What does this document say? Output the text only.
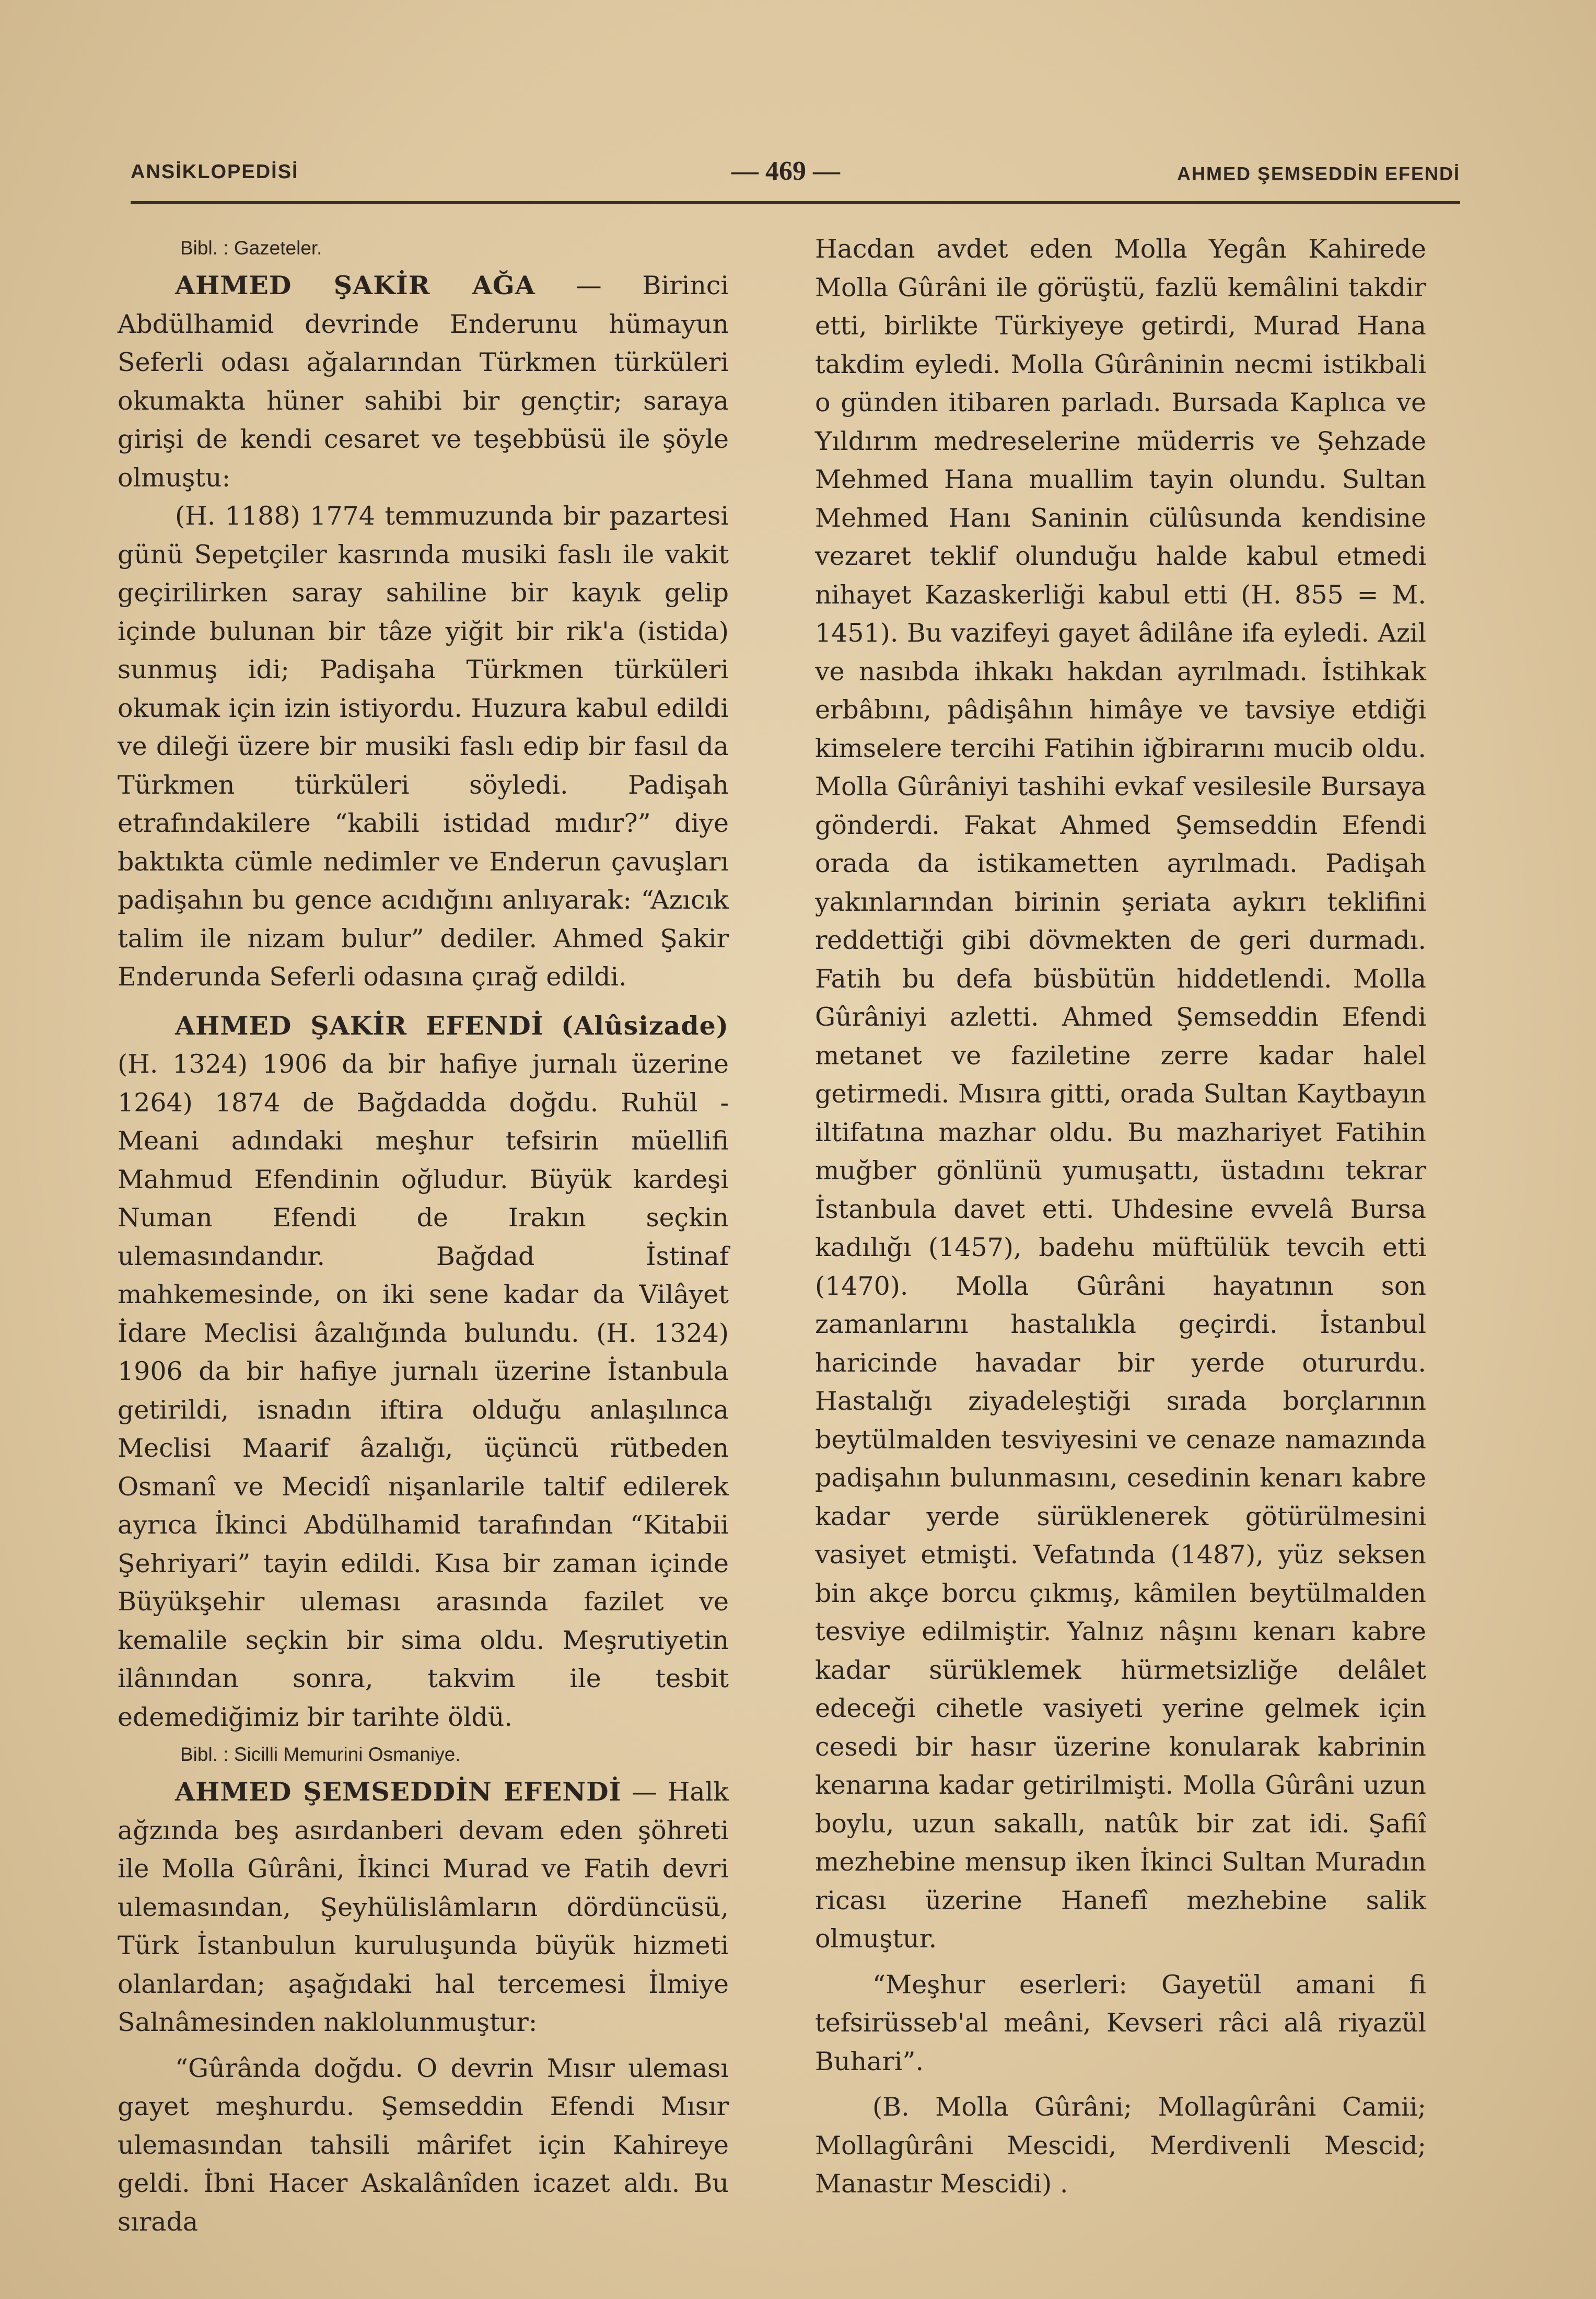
ANSİKLOPEDİSİ	— 469 —	AHMED ŞEMSEDDİN EFENDİ

Bibl. : Gazeteler.

AHMED ŞAKİR AĞA — Birinci Abdülhamid devrinde Enderunu hümayun Seferli odası ağalarından Türkmen türküleri okumakta hüner sahibi bir gençtir; saraya girişi de kendi cesaret ve teşebbüsü ile şöyle olmuştu:

(H. 1188) 1774 temmuzunda bir pazartesi günü Sepetçiler kasrında musiki faslı ile vakit geçirilirken saray sahiline bir kayık gelip içinde bulunan bir tâze yiğit bir rik'a (istida) sunmuş idi; Padişaha Türkmen türküleri okumak için izin istiyordu. Huzura kabul edildi ve dileği üzere bir musiki faslı edip bir fasıl da Türkmen türküleri söyledi. Padişah etrafındakilere “kabili istidad mıdır?” diye baktıkta cümle nedimler ve Enderun çavuşları padişahın bu gence acıdığını anlıyarak: “Azıcık talim ile nizam bulur” dediler. Ahmed Şakir Enderunda Seferli odasına çırağ edildi.

AHMED ŞAKİR EFENDİ (Alûsizade) (H. 1324) 1906 da bir hafiye jurnalı üzerine 1264) 1874 de Bağdadda doğdu. Ruhül - Meani adındaki meşhur tefsirin müellifi Mahmud Efendinin oğludur. Büyük kardeşi Numan Efendi de Irakın seçkin ulemasındandır. Bağdad İstinaf mahkemesinde, on iki sene kadar da Vilâyet İdare Meclisi âzalığında bulundu. (H. 1324) 1906 da bir hafiye jurnalı üzerine İstanbula getirildi, isnadın iftira olduğu anlaşılınca Meclisi Maarif âzalığı, üçüncü rütbeden Osmanî ve Mecidî nişanlarile taltif edilerek ayrıca İkinci Abdülhamid tarafından “Kitabii Şehriyari” tayin edildi. Kısa bir zaman içinde Büyükşehir uleması arasında fazilet ve kemalile seçkin bir sima oldu. Meşrutiyetin ilânından sonra, takvim ile tesbit edemediğimiz bir tarihte öldü.

Bibl. : Sicilli Memurini Osmaniye.

AHMED ŞEMSEDDİN EFENDİ — Halk ağzında beş asırdanberi devam eden şöhreti ile Molla Gûrâni, İkinci Murad ve Fatih devri ulemasından, Şeyhülislâmların dördüncüsü, Türk İstanbulun kuruluşunda büyük hizmeti olanlardan; aşağıdaki hal tercemesi İlmiye Salnâmesinden naklolunmuştur:

“Gûrânda doğdu. O devrin Mısır uleması gayet meşhurdu. Şemseddin Efendi Mısır ulemasından tahsili mârifet için Kahireye geldi. İbni Hacer Askalânîden icazet aldı. Bu sırada

Hacdan avdet eden Molla Yegân Kahirede Molla Gûrâni ile görüştü, fazlü kemâlini takdir etti, birlikte Türkiyeye getirdi, Murad Hana takdim eyledi. Molla Gûrâninin necmi istikbali o günden itibaren parladı. Bursada Kaplıca ve Yıldırım medreselerine müderris ve Şehzade Mehmed Hana muallim tayin olundu. Sultan Mehmed Hanı Saninin cülûsunda kendisine vezaret teklif olunduğu halde kabul etmedi nihayet Kazaskerliği kabul etti (H. 855 = M. 1451). Bu vazifeyi gayet âdilâne ifa eyledi. Azil ve nasıbda ihkakı hakdan ayrılmadı. İstihkak erbâbını, pâdişâhın himâye ve tavsiye etdiği kimselere tercihi Fatihin iğbirarını mucib oldu. Molla Gûrâniyi tashihi evkaf vesilesile Bursaya gönderdi. Fakat Ahmed Şemseddin Efendi orada da istikametten ayrılmadı. Padişah yakınlarından birinin şeriata aykırı teklifini reddettiği gibi dövmekten de geri durmadı. Fatih bu defa büsbütün hiddetlendi. Molla Gûrâniyi azletti. Ahmed Şemseddin Efendi metanet ve faziletine zerre kadar halel getirmedi. Mısıra gitti, orada Sultan Kaytbayın iltifatına mazhar oldu. Bu mazhariyet Fatihin muğber gönlünü yumuşattı, üstadını tekrar İstanbula davet etti. Uhdesine evvelâ Bursa kadılığı (1457), badehu müftülük tevcih etti (1470). Molla Gûrâni hayatının son zamanlarını hastalıkla geçirdi. İstanbul haricinde havadar bir yerde otururdu. Hastalığı ziyadeleştiği sırada borçlarının beytülmalden tesviyesini ve cenaze namazında padişahın bulunmasını, cesedinin kenarı kabre kadar yerde sürüklenerek götürülmesini vasiyet etmişti. Vefatında (1487), yüz seksen bin akçe borcu çıkmış, kâmilen beytülmalden tesviye edilmiştir. Yalnız nâşını kenarı kabre kadar sürüklemek hürmetsizliğe delâlet edeceği cihetle vasiyeti yerine gelmek için cesedi bir hasır üzerine konularak kabrinin kenarına kadar getirilmişti. Molla Gûrâni uzun boylu, uzun sakallı, natûk bir zat idi. Şafiî mezhebine mensup iken İkinci Sultan Muradın ricası üzerine Hanefî mezhebine salik olmuştur.

“Meşhur eserleri: Gayetül amani fi tefsirüsseb'al meâni, Kevseri râci alâ riyazül Buhari”.

(B. Molla Gûrâni; Mollagûrâni Camii; Mollagûrâni Mescidi, Merdivenli Mescid; Manastır Mescidi) .
